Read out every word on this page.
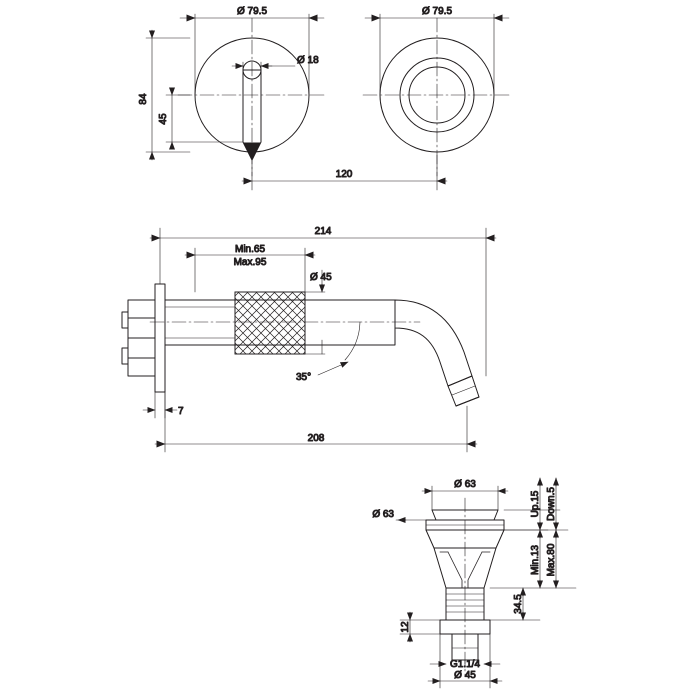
Ø 79.5
Ø 18
84
45
120
Ø 79.5
35°
214
Min.65
Max.95
Ø 45
7
208
Ø 63
Ø 63	Up.15 Down.5
Min.13 Max.80
34.5
12
G1.1/4
Ø 45
